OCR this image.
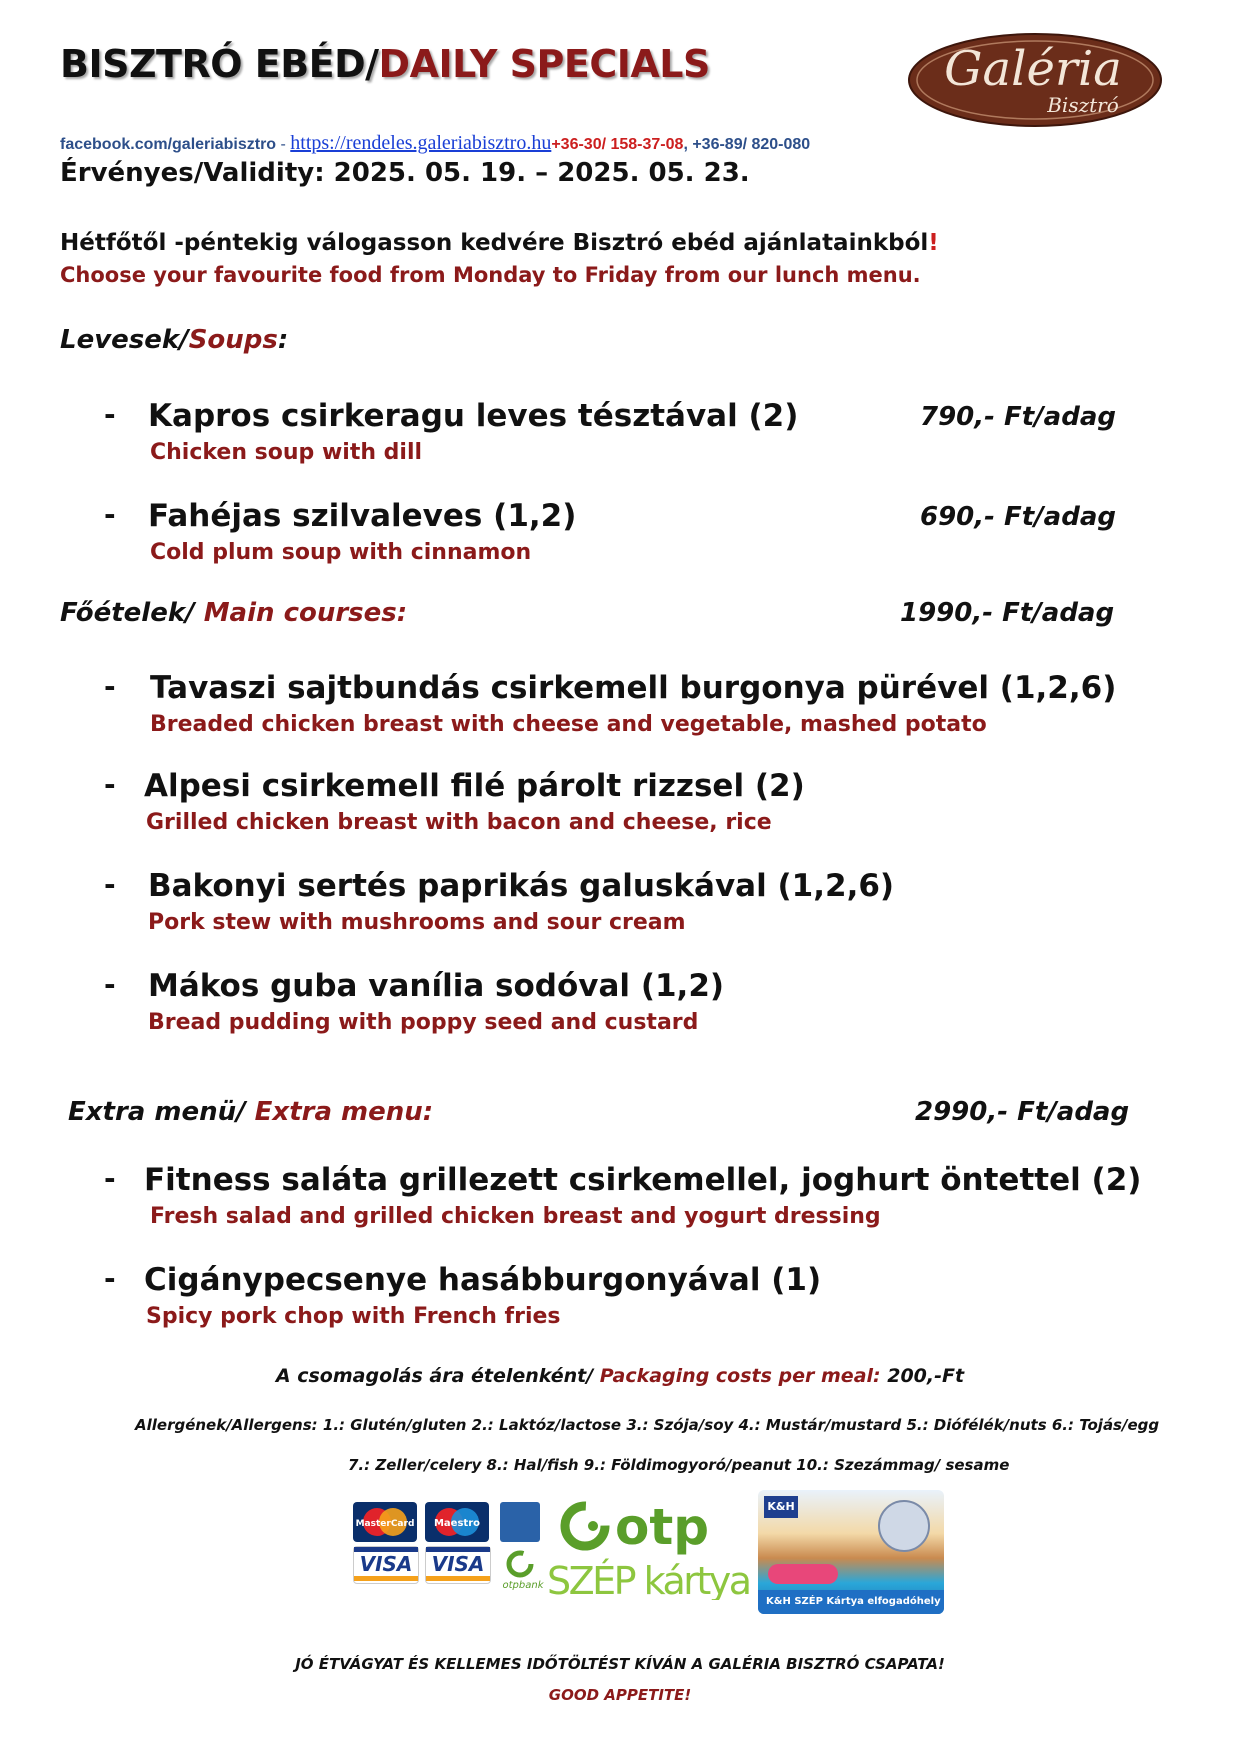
BISZTRÓ EBÉD/DAILY SPECIALS	Galéria
Bisztró
facebook.com/galeriabisztro - https://rendeles.galeriabisztro.hu+36-30/ 158-37-08, +36-89/ 820-080
Érvényes/Validity: 2025. 05. 19. – 2025. 05. 23.
Hétfőtől -péntekig válogasson kedvére Bisztró ebéd ajánlatainkból!
Choose your favourite food from Monday to Friday from our lunch menu.
Levesek/Soups:
- Kapros csirkeragu leves tésztával (2)
Chicken soup with dill
790,- Ft/adag
- Fahéjas szilvaleves (1,2)
Cold plum soup with cinnamon
690,- Ft/adag
Főételek/ Main courses:	1990,- Ft/adag
- Tavaszi sajtbundás csirkemell burgonya pürével (1,2,6)
Breaded chicken breast with cheese and vegetable, mashed potato
- Alpesi csirkemell filé párolt rizzsel (2)
Grilled chicken breast with bacon and cheese, rice
- Bakonyi sertés paprikás galuskával (1,2,6)
Pork stew with mushrooms and sour cream
- Mákos guba vanília sodóval (1,2)
Bread pudding with poppy seed and custard
Extra menü/ Extra menu:	2990,- Ft/adag
- Fitness saláta grillezett csirkemellel, joghurt öntettel (2)
Fresh salad and grilled chicken breast and yogurt dressing
- Cigánypecsenye hasábburgonyával (1)
Spicy pork chop with French fries
A csomagolás ára ételenként/ Packaging costs per meal: 200,-Ft
Allergének/Allergens: 1.: Glutén/gluten 2.: Laktóz/lactose 3.: Szója/soy 4.: Mustár/mustard 5.: Diófélék/nuts 6.: Tojás/egg
7.: Zeller/celery 8.: Hal/fish 9.: Földimogyoró/peanut 10.: Szezámmag/ sesame
MasterCard Maestro
VISA VISA
otpbank
otp
SZÉP kártya
K&H
K&H SZÉP Kártya elfogadóhely
JÓ ÉTVÁGYAT ÉS KELLEMES IDŐTÖLTÉST KÍVÁN A GALÉRIA BISZTRÓ CSAPATA!
GOOD APPETITE!
